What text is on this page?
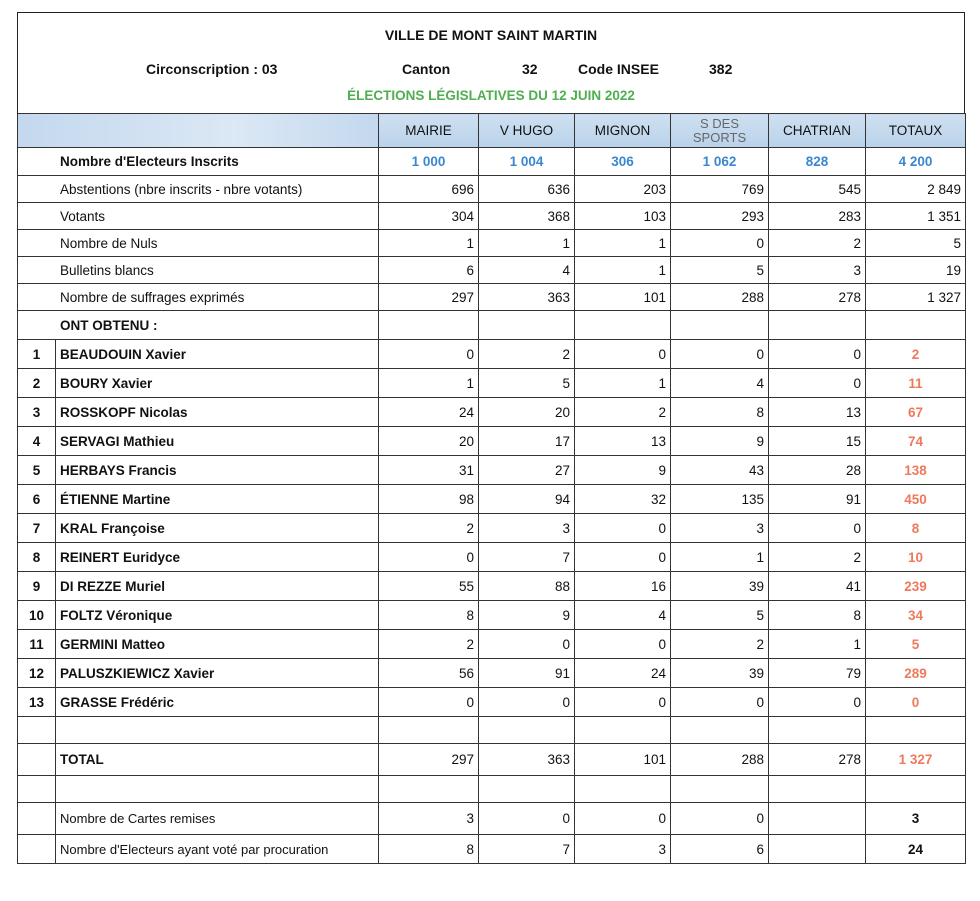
VILLE DE MONT SAINT MARTIN
Circonscription : 03	Canton	32	Code INSEE	382
ÉLECTIONS LÉGISLATIVES DU 12 JUIN 2022
		MAIRIE	V HUGO	MIGNON	S DES SPORTS	CHATRIAN	TOTAUX
Nombre d'Electeurs Inscrits		1 000	1 004	306	1 062	828	4 200
Abstentions (nbre inscrits - nbre votants)		696	636	203	769	545	2 849
Votants		304	368	103	293	283	1 351
Nombre de Nuls		1	1	1	0	2	5
Bulletins blancs		6	4	1	5	3	19
Nombre de suffrages exprimés		297	363	101	288	278	1 327
ONT OBTENU :							
1	BEAUDOUIN Xavier	0	2	0	0	0	2
2	BOURY Xavier	1	5	1	4	0	11
3	ROSSKOPF Nicolas	24	20	2	8	13	67
4	SERVAGI Mathieu	20	17	13	9	15	74
5	HERBAYS Francis	31	27	9	43	28	138
6	ÉTIENNE Martine	98	94	32	135	91	450
7	KRAL Françoise	2	3	0	3	0	8
8	REINERT Euridyce	0	7	0	1	2	10
9	DI REZZE Muriel	55	88	16	39	41	239
10	FOLTZ Véronique	8	9	4	5	8	34
11	GERMINI Matteo	2	0	0	2	1	5
12	PALUSZKIEWICZ Xavier	56	91	24	39	79	289
13	GRASSE Frédéric	0	0	0	0	0	0

	TOTAL	297	363	101	288	278	1 327

	Nombre de Cartes remises	3	0	0	0		3
	Nombre d'Electeurs ayant voté par procuration	8	7	3	6		24
